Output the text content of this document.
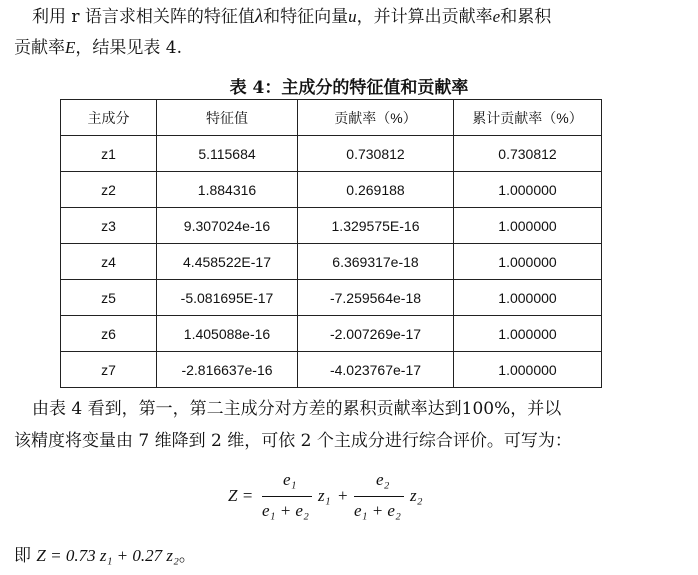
利用 r 语言求相关阵的特征值λ和特征向量u，并计算出贡献率e和累积
贡献率E，结果见表 4.
表 4：主成分的特征值和贡献率
主成分	特征值	贡献率（%）	累计贡献率（%）
z1	5.115684	0.730812	0.730812
z2	1.884316	0.269188	1.000000
z3	9.307024e-16	1.329575E-16	1.000000
z4	4.458522E-17	6.369317e-18	1.000000
z5	-5.081695E-17	-7.259564e-18	1.000000
z6	1.405088e-16	-2.007269e-17	1.000000
z7	-2.816637e-16	-4.023767e-17	1.000000
由表 4 看到，第一，第二主成分对方差的累积贡献率达到100%，并以
该精度将变量由 7 维降到 2 维，可依 2 个主成分进行综合评价。可写为：
Z =
e₁
e₁ + e₂
z₁ +
e₂
e₁ + e₂
z₂
即 Z = 0.73 z₁ + 0.27 z₂。
